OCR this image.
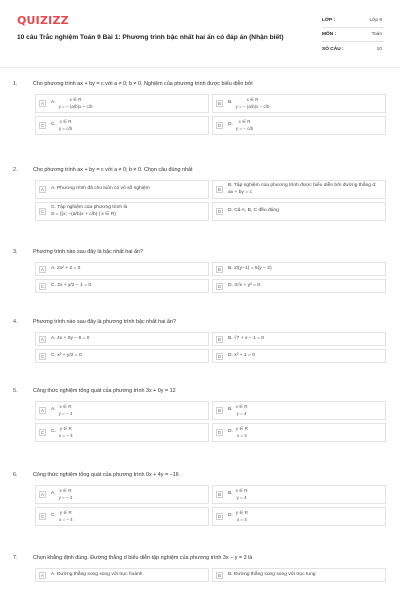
QUIZIZZ
10 câu Trắc nghiệm Toán 9 Bài 1: Phương trình bậc nhất hai ẩn có đáp án (Nhận biết)
LỚP :	Lớp 9
MÔN :	Toán
SỐ CÂU :	10
1.	Cho phương trình ax + by = c với a ≠ 0; b ≠ 0. Nghiệm của phương trình được biểu diễn bởi
A	A.
x ∈ R
y = − (a/b)x + c/b	B	B.
x ∈ R
y = − (a/b)x − c/b
C	C.
x ∈ R
y = c/b	D	D.
x ∈ R
y = − c/b
2.	Cho phương trình ax + by = c với a ≠ 0; b ≠ 0. Chọn câu đúng nhất
A	A. Phương trình đã cho luôn có vô số nghiệm	B
B. Tập nghiệm của phương trình được biểu diễn bởi đường thẳng d: ax + by = c
C
C. Tập nghiệm của phương trình là
S = {(x; −(a/b)x + c/b) | x ∈ R}	D	D. Cả A, B, C đều đúng
3.	Phương trình nào sau đây là bậc nhất hai ẩn?
A	A. 2x² + 2 = 0	B	B. 2/(y−1) = 5(y − 2)
C	C. 2x + y/2 − 1 = 0	D	D. 3√x + y² = 0
4.	Phương trình nào sau đây là phương trình bậc nhất hai ẩn?
A	A. 4x + 0y − 6 = 0	B	B. √7 + x − 1 = 0
C	C. x² + y/2 = 0	D	D. x³ + 1 = 0
5.	Công thức nghiệm tổng quát của phương trình 3x + 0y = 12
A	A.
x ∈ R
y = − 4	B	B.
x ∈ R
y = 4
C	C.
y ∈ R
x = − 4	D	D.
y ∈ R
x = 4
6.	Công thức nghiệm tổng quát của phương trình 0x + 4y = −16
A	A.
x ∈ R
y = − 4	B	B.
x ∈ R
y = 4
C	C.
y ∈ R
x = − 4	D	D.
y ∈ R
x = 4
7.	Chọn khẳng định đúng. Đường thẳng d biểu diễn tập nghiệm của phương trình 3x − y = 3 là
A	A. Đường thẳng song song với trục hoành	B	B. Đường thẳng song song với trục tung
